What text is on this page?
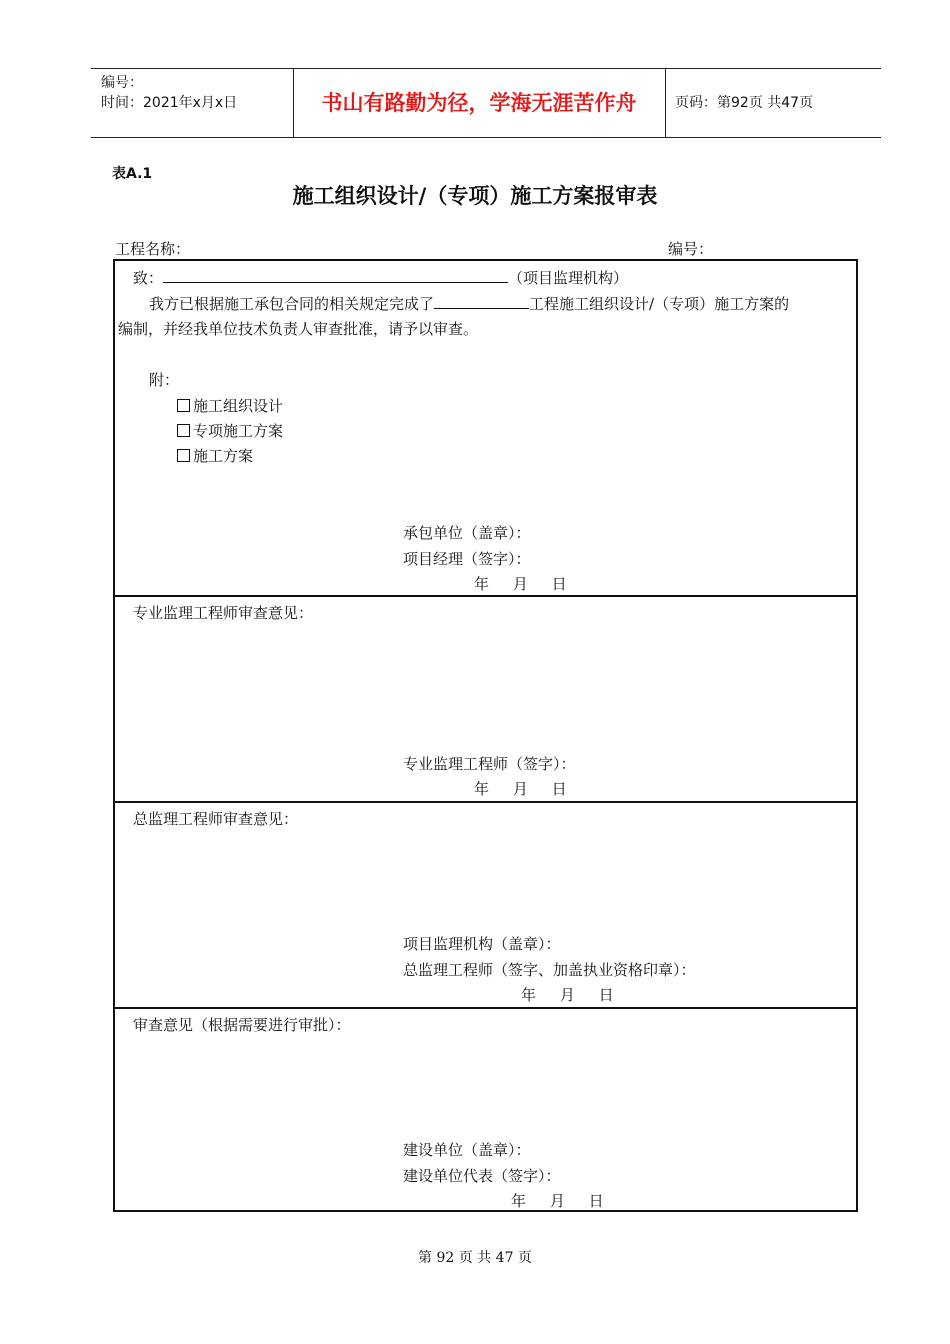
编号：
时间：2021年x月x日	书山有路勤为径，学海无涯苦作舟	页码：第92页 共47页
表A.1
施工组织设计/（专项）施工方案报审表
工程名称：	编号：
致：	（项目监理机构）
我方已根据施工承包合同的相关规定完成了	工程施工组织设计/（专项）施工方案的
编制，并经我单位技术负责人审查批准，请予以审查。
附：
施工组织设计
专项施工方案
施工方案
承包单位（盖章）：
项目经理（签字）：
年     月     日
专业监理工程师审查意见：
专业监理工程师（签字）：
年     月     日
总监理工程师审查意见：
项目监理机构（盖章）：
总监理工程师（签字、加盖执业资格印章）：
年     月     日
审查意见（根据需要进行审批）：
建设单位（盖章）：
建设单位代表（签字）：
年     月     日
第 92 页 共 47 页
